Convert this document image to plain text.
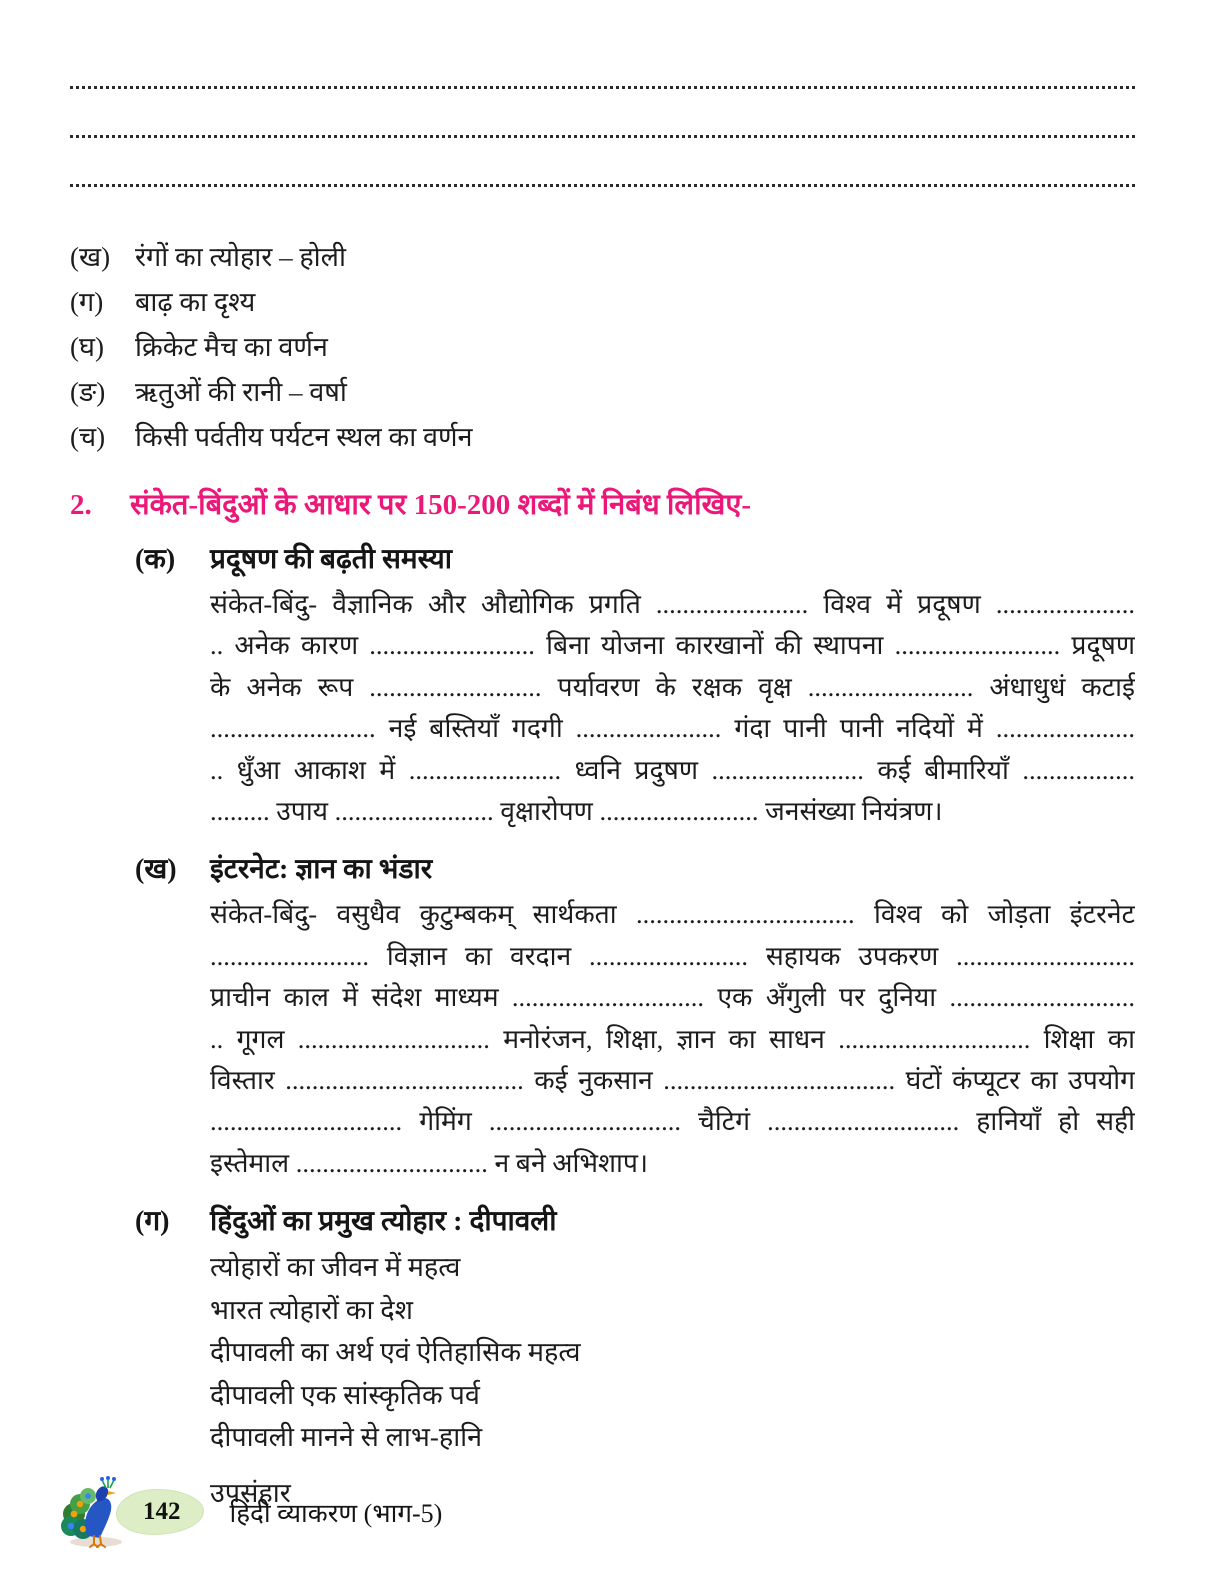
(ख) रंगों का त्योहार – होली
(ग)	बाढ़ का दृश्य
(घ)	क्रिकेट मैच का वर्णन
(ङ)	ऋतुओं की रानी – वर्षा
(च)	किसी पर्वतीय पर्यटन स्थल का वर्णन
2.	संकेत-बिंदुओं के आधार पर 150-200 शब्दों में निबंध लिखिए-
(क)	प्रदूषण की बढ़ती समस्या
संकेत-बिंदु- वैज्ञानिक और औद्योगिक प्रगति ....................... विश्व में प्रदूषण .....................
.. अनेक कारण ......................... बिना योजना कारखानों की स्थापना ......................... प्रदूषण
के अनेक रूप .......................... पर्यावरण के रक्षक वृक्ष ......................... अंधाधुधं कटाई
......................... नई बस्तियाँ गदगी ...................... गंदा पानी पानी नदियों में .....................
.. धुँआ आकाश में ....................... ध्वनि प्रदुषण ....................... कई बीमारियाँ .................
......... उपाय ........................ वृक्षारोपण ........................ जनसंख्या नियंत्रण।
(ख)	इंटरनेट: ज्ञान का भंडार
संकेत-बिंदु- वसुधैव कुटुम्बकम् सार्थकता ................................. विश्व को जोड़ता इंटरनेट
........................ विज्ञान का वरदान ........................ सहायक उपकरण ...........................
प्राचीन काल में संदेश माध्यम ............................. एक अँगुली पर दुनिया ............................
.. गूगल ............................. मनोरंजन, शिक्षा, ज्ञान का साधन ............................. शिक्षा का
विस्तार .................................... कई नुकसान ................................... घंटों कंप्यूटर का उपयोग
............................. गेमिंग ............................. चैटिगं ............................. हानियाँ हो सही
इस्तेमाल ............................. न बने अभिशाप।
(ग)	हिंदुओं का प्रमुख त्योहार : दीपावली
त्योहारों का जीवन में महत्व
भारत त्योहारों का देश
दीपावली का अर्थ एवं ऐतिहासिक महत्व
दीपावली एक सांस्कृतिक पर्व
दीपावली मानने से लाभ-हानि
उपसंहार
142	हिंदी व्याकरण (भाग-5)
